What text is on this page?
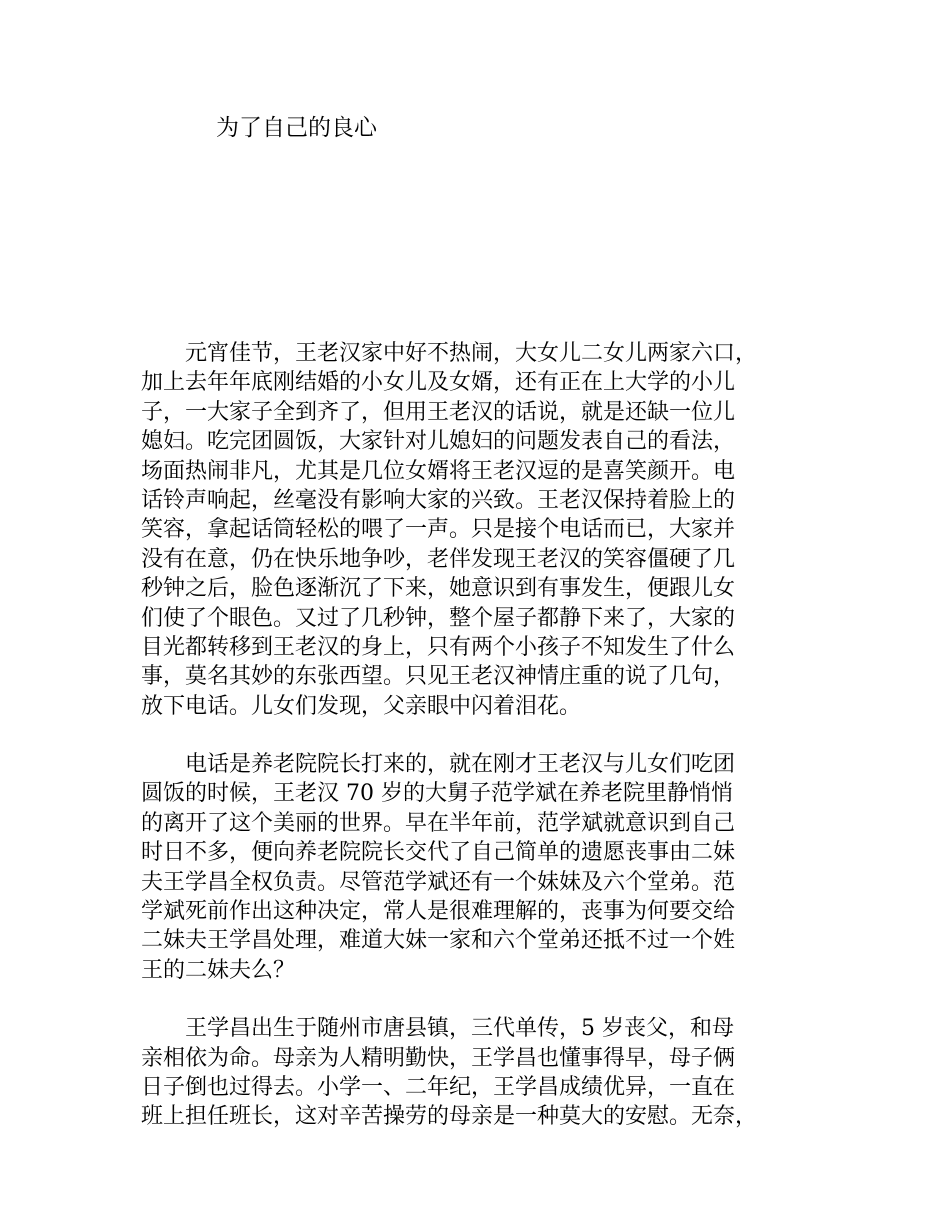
为了自己的良心
　　元宵佳节，王老汉家中好不热闹，大女儿二女儿两家六口，
加上去年年底刚结婚的小女儿及女婿，还有正在上大学的小儿
子，一大家子全到齐了，但用王老汉的话说，就是还缺一位儿
媳妇。吃完团圆饭，大家针对儿媳妇的问题发表自己的看法，
场面热闹非凡，尤其是几位女婿将王老汉逗的是喜笑颜开。电
话铃声响起，丝毫没有影响大家的兴致。王老汉保持着脸上的
笑容，拿起话筒轻松的喂了一声。只是接个电话而已，大家并
没有在意，仍在快乐地争吵，老伴发现王老汉的笑容僵硬了几
秒钟之后，脸色逐渐沉了下来，她意识到有事发生，便跟儿女
们使了个眼色。又过了几秒钟，整个屋子都静下来了，大家的
目光都转移到王老汉的身上，只有两个小孩子不知发生了什么
事，莫名其妙的东张西望。只见王老汉神情庄重的说了几句，
放下电话。儿女们发现，父亲眼中闪着泪花。
　　电话是养老院院长打来的，就在刚才王老汉与儿女们吃团
圆饭的时候，王老汉 70 岁的大舅子范学斌在养老院里静悄悄
的离开了这个美丽的世界。早在半年前，范学斌就意识到自己
时日不多，便向养老院院长交代了自己简单的遗愿丧事由二妹
夫王学昌全权负责。尽管范学斌还有一个妹妹及六个堂弟。范
学斌死前作出这种决定，常人是很难理解的，丧事为何要交给
二妹夫王学昌处理，难道大妹一家和六个堂弟还抵不过一个姓
王的二妹夫么？
　　王学昌出生于随州市唐县镇，三代单传，5 岁丧父，和母
亲相依为命。母亲为人精明勤快，王学昌也懂事得早，母子俩
日子倒也过得去。小学一、二年纪，王学昌成绩优异，一直在
班上担任班长，这对辛苦操劳的母亲是一种莫大的安慰。无奈，
